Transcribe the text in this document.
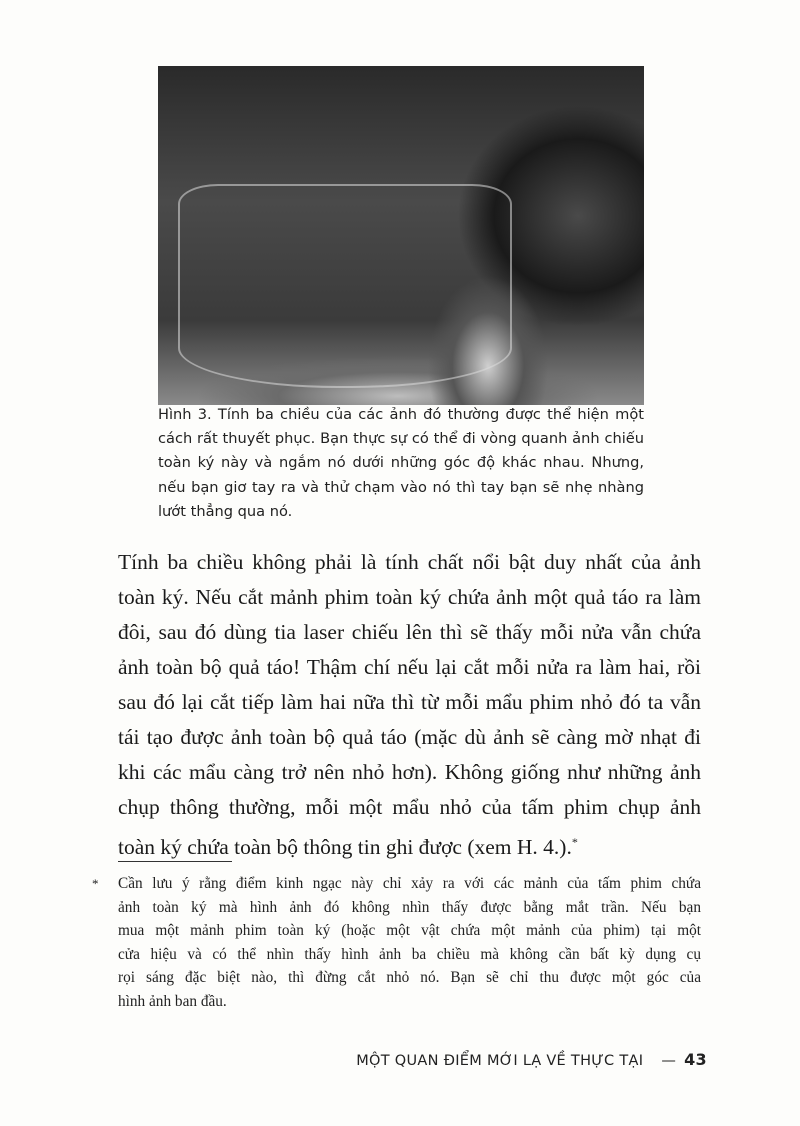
Hình 3. Tính ba chiều của các ảnh đó thường được thể hiện một
cách rất thuyết phục. Bạn thực sự có thể đi vòng quanh ảnh chiếu
toàn ký này và ngắm nó dưới những góc độ khác nhau. Nhưng,
nếu bạn giơ tay ra và thử chạm vào nó thì tay bạn sẽ nhẹ nhàng
lướt thẳng qua nó.
Tính ba chiều không phải là tính chất nổi bật duy nhất của ảnh
toàn ký. Nếu cắt mảnh phim toàn ký chứa ảnh một quả táo ra làm
đôi, sau đó dùng tia laser chiếu lên thì sẽ thấy mỗi nửa vẫn chứa
ảnh toàn bộ quả táo! Thậm chí nếu lại cắt mỗi nửa ra làm hai, rồi
sau đó lại cắt tiếp làm hai nữa thì từ mỗi mẩu phim nhỏ đó ta vẫn
tái tạo được ảnh toàn bộ quả táo (mặc dù ảnh sẽ càng mờ nhạt đi
khi các mẩu càng trở nên nhỏ hơn). Không giống như những ảnh
chụp thông thường, mỗi một mẩu nhỏ của tấm phim chụp ảnh
toàn ký chứa toàn bộ thông tin ghi được (xem H. 4.).*
* Cần lưu ý rằng điểm kinh ngạc này chỉ xảy ra với các mảnh của tấm phim chứa
ảnh toàn ký mà hình ảnh đó không nhìn thấy được bằng mắt trần. Nếu bạn
mua một mảnh phim toàn ký (hoặc một vật chứa một mảnh của phim) tại một
cửa hiệu và có thể nhìn thấy hình ảnh ba chiều mà không cần bất kỳ dụng cụ
rọi sáng đặc biệt nào, thì đừng cắt nhỏ nó. Bạn sẽ chỉ thu được một góc của
hình ảnh ban đầu.
MỘT QUAN ĐIỂM MỚI LẠ VỀ THỰC TẠI — 43
